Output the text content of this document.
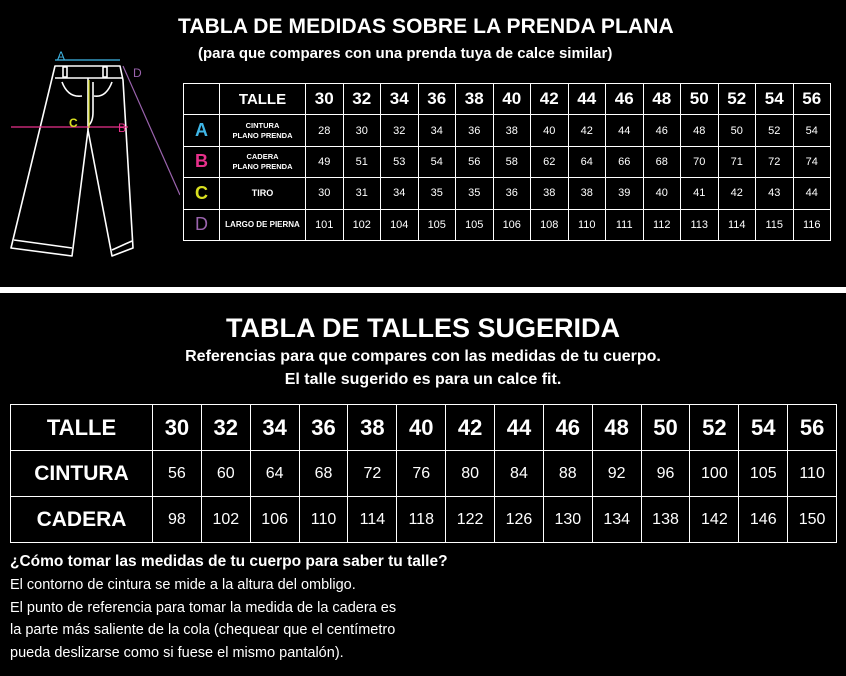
A
B
C
D
TABLA DE MEDIDAS SOBRE LA PRENDA PLANA
(para que compares con una prenda tuya de calce similar)
	TALLE	30	32	34	36	38	40	42	44	46	48	50	52	54	56
A	CINTURA
PLANO PRENDA	28	30	32	34	36	38	40	42	44	46	48	50	52	54
B	CADERA
PLANO PRENDA	49	51	53	54	56	58	62	64	66	68	70	71	72	74
C	TIRO	30	31	34	35	35	36	38	38	39	40	41	42	43	44
D	LARGO DE PIERNA	101	102	104	105	105	106	108	110	111	112	113	114	115	116
TABLA DE TALLES SUGERIDA
Referencias para que compares con las medidas de tu cuerpo.
El talle sugerido es para un calce fit.
TALLE	30	32	34	36	38	40	42	44	46	48	50	52	54	56
CINTURA	56	60	64	68	72	76	80	84	88	92	96	100	105	110
CADERA	98	102	106	110	114	118	122	126	130	134	138	142	146	150
¿Cómo tomar las medidas de tu cuerpo para saber tu talle?
El contorno de cintura se mide a la altura del ombligo.
El punto de referencia para tomar la medida de la cadera es
la parte más saliente de la cola (chequear que el centímetro
pueda deslizarse como si fuese el mismo pantalón).
